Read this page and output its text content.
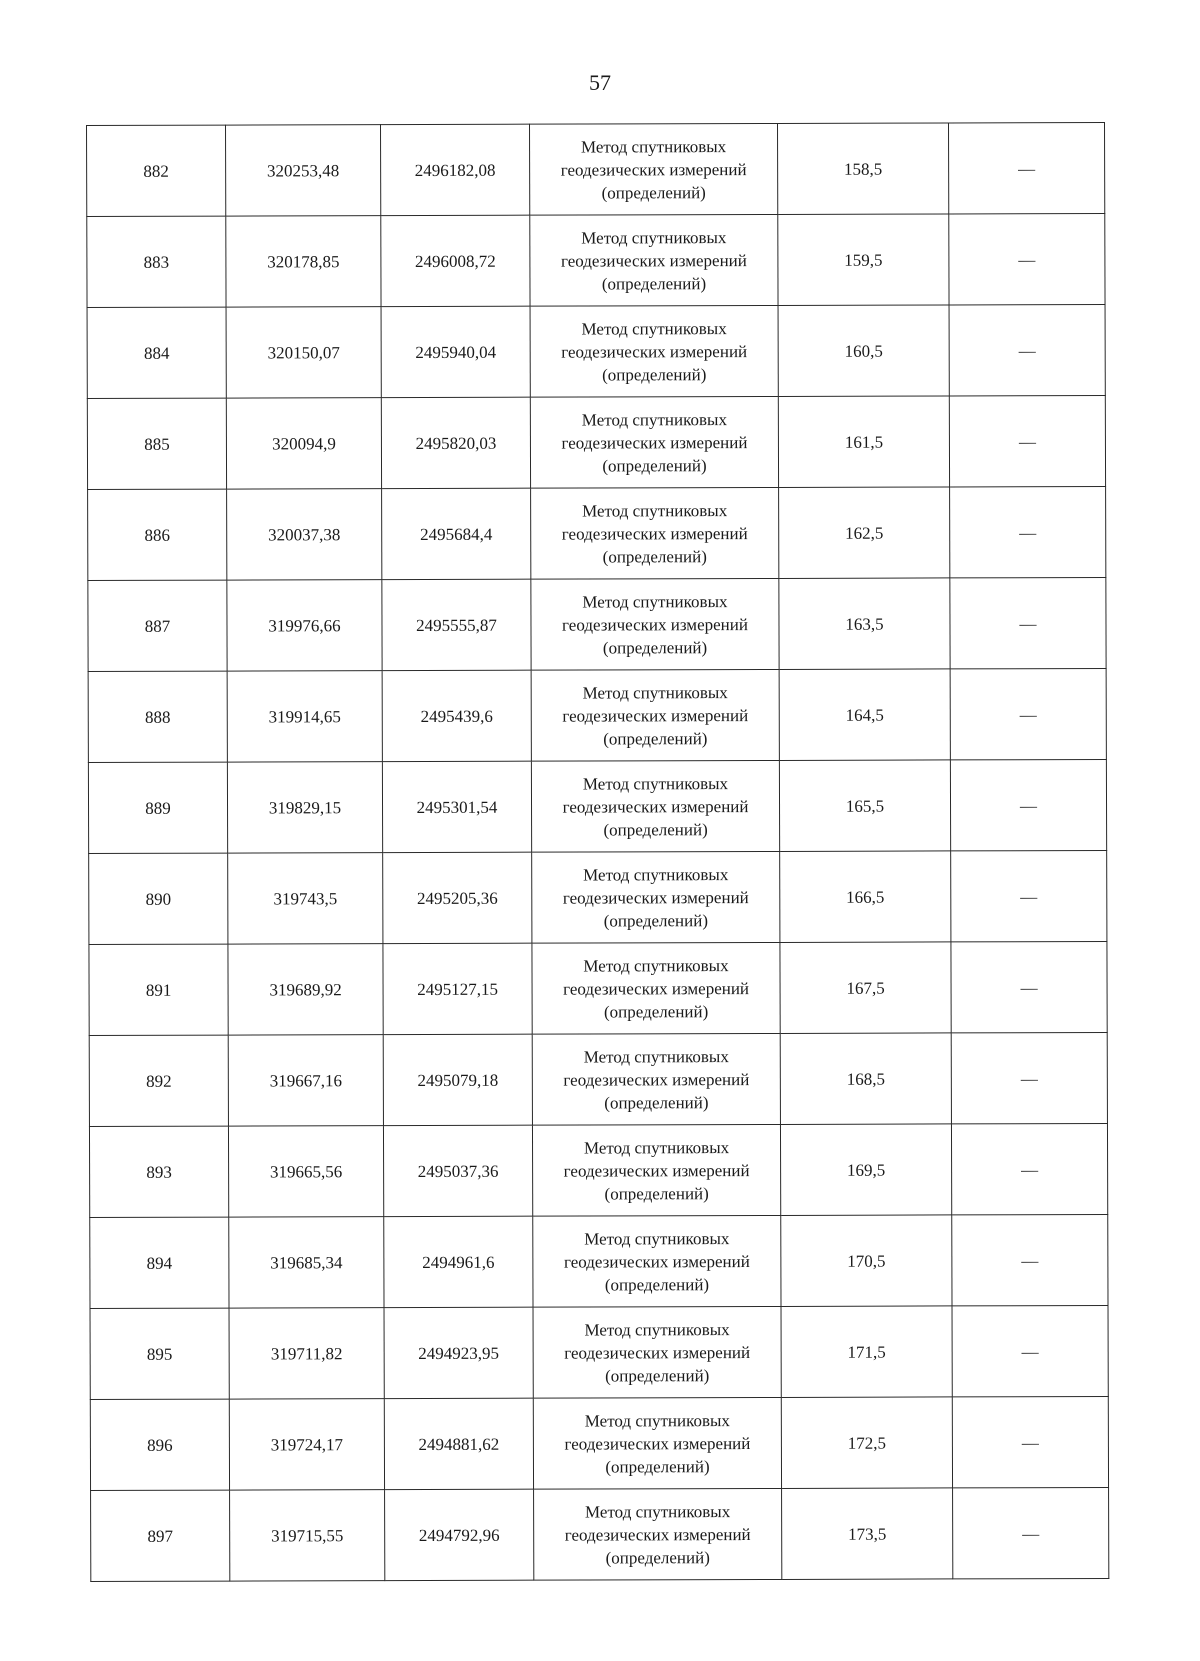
57
882	320253,48	2496182,08	Метод спутниковых
геодезических измерений
(определений)	158,5	—
883	320178,85	2496008,72	Метод спутниковых
геодезических измерений
(определений)	159,5	—
884	320150,07	2495940,04	Метод спутниковых
геодезических измерений
(определений)	160,5	—
885	320094,9	2495820,03	Метод спутниковых
геодезических измерений
(определений)	161,5	—
886	320037,38	2495684,4	Метод спутниковых
геодезических измерений
(определений)	162,5	—
887	319976,66	2495555,87	Метод спутниковых
геодезических измерений
(определений)	163,5	—
888	319914,65	2495439,6	Метод спутниковых
геодезических измерений
(определений)	164,5	—
889	319829,15	2495301,54	Метод спутниковых
геодезических измерений
(определений)	165,5	—
890	319743,5	2495205,36	Метод спутниковых
геодезических измерений
(определений)	166,5	—
891	319689,92	2495127,15	Метод спутниковых
геодезических измерений
(определений)	167,5	—
892	319667,16	2495079,18	Метод спутниковых
геодезических измерений
(определений)	168,5	—
893	319665,56	2495037,36	Метод спутниковых
геодезических измерений
(определений)	169,5	—
894	319685,34	2494961,6	Метод спутниковых
геодезических измерений
(определений)	170,5	—
895	319711,82	2494923,95	Метод спутниковых
геодезических измерений
(определений)	171,5	—
896	319724,17	2494881,62	Метод спутниковых
геодезических измерений
(определений)	172,5	—
897	319715,55	2494792,96	Метод спутниковых
геодезических измерений
(определений)	173,5	—
